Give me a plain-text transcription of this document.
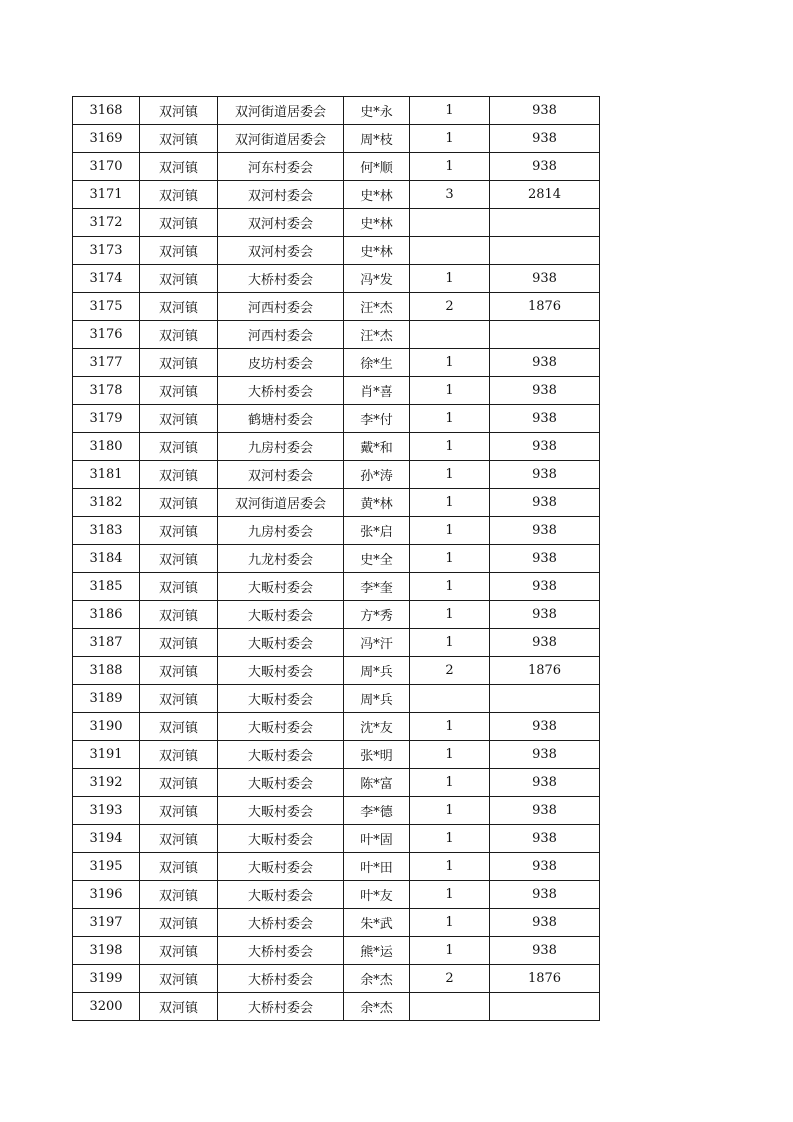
3168	双河镇	双河街道居委会	史*永	1	938
3169	双河镇	双河街道居委会	周*枝	1	938
3170	双河镇	河东村委会	何*顺	1	938
3171	双河镇	双河村委会	史*林	3	2814
3172	双河镇	双河村委会	史*林		
3173	双河镇	双河村委会	史*林		
3174	双河镇	大桥村委会	冯*发	1	938
3175	双河镇	河西村委会	汪*杰	2	1876
3176	双河镇	河西村委会	汪*杰		
3177	双河镇	皮坊村委会	徐*生	1	938
3178	双河镇	大桥村委会	肖*喜	1	938
3179	双河镇	鹤塘村委会	李*付	1	938
3180	双河镇	九房村委会	戴*和	1	938
3181	双河镇	双河村委会	孙*涛	1	938
3182	双河镇	双河街道居委会	黄*林	1	938
3183	双河镇	九房村委会	张*启	1	938
3184	双河镇	九龙村委会	史*全	1	938
3185	双河镇	大畈村委会	李*奎	1	938
3186	双河镇	大畈村委会	方*秀	1	938
3187	双河镇	大畈村委会	冯*汗	1	938
3188	双河镇	大畈村委会	周*兵	2	1876
3189	双河镇	大畈村委会	周*兵		
3190	双河镇	大畈村委会	沈*友	1	938
3191	双河镇	大畈村委会	张*明	1	938
3192	双河镇	大畈村委会	陈*富	1	938
3193	双河镇	大畈村委会	李*德	1	938
3194	双河镇	大畈村委会	叶*固	1	938
3195	双河镇	大畈村委会	叶*田	1	938
3196	双河镇	大畈村委会	叶*友	1	938
3197	双河镇	大桥村委会	朱*武	1	938
3198	双河镇	大桥村委会	熊*运	1	938
3199	双河镇	大桥村委会	余*杰	2	1876
3200	双河镇	大桥村委会	余*杰		
